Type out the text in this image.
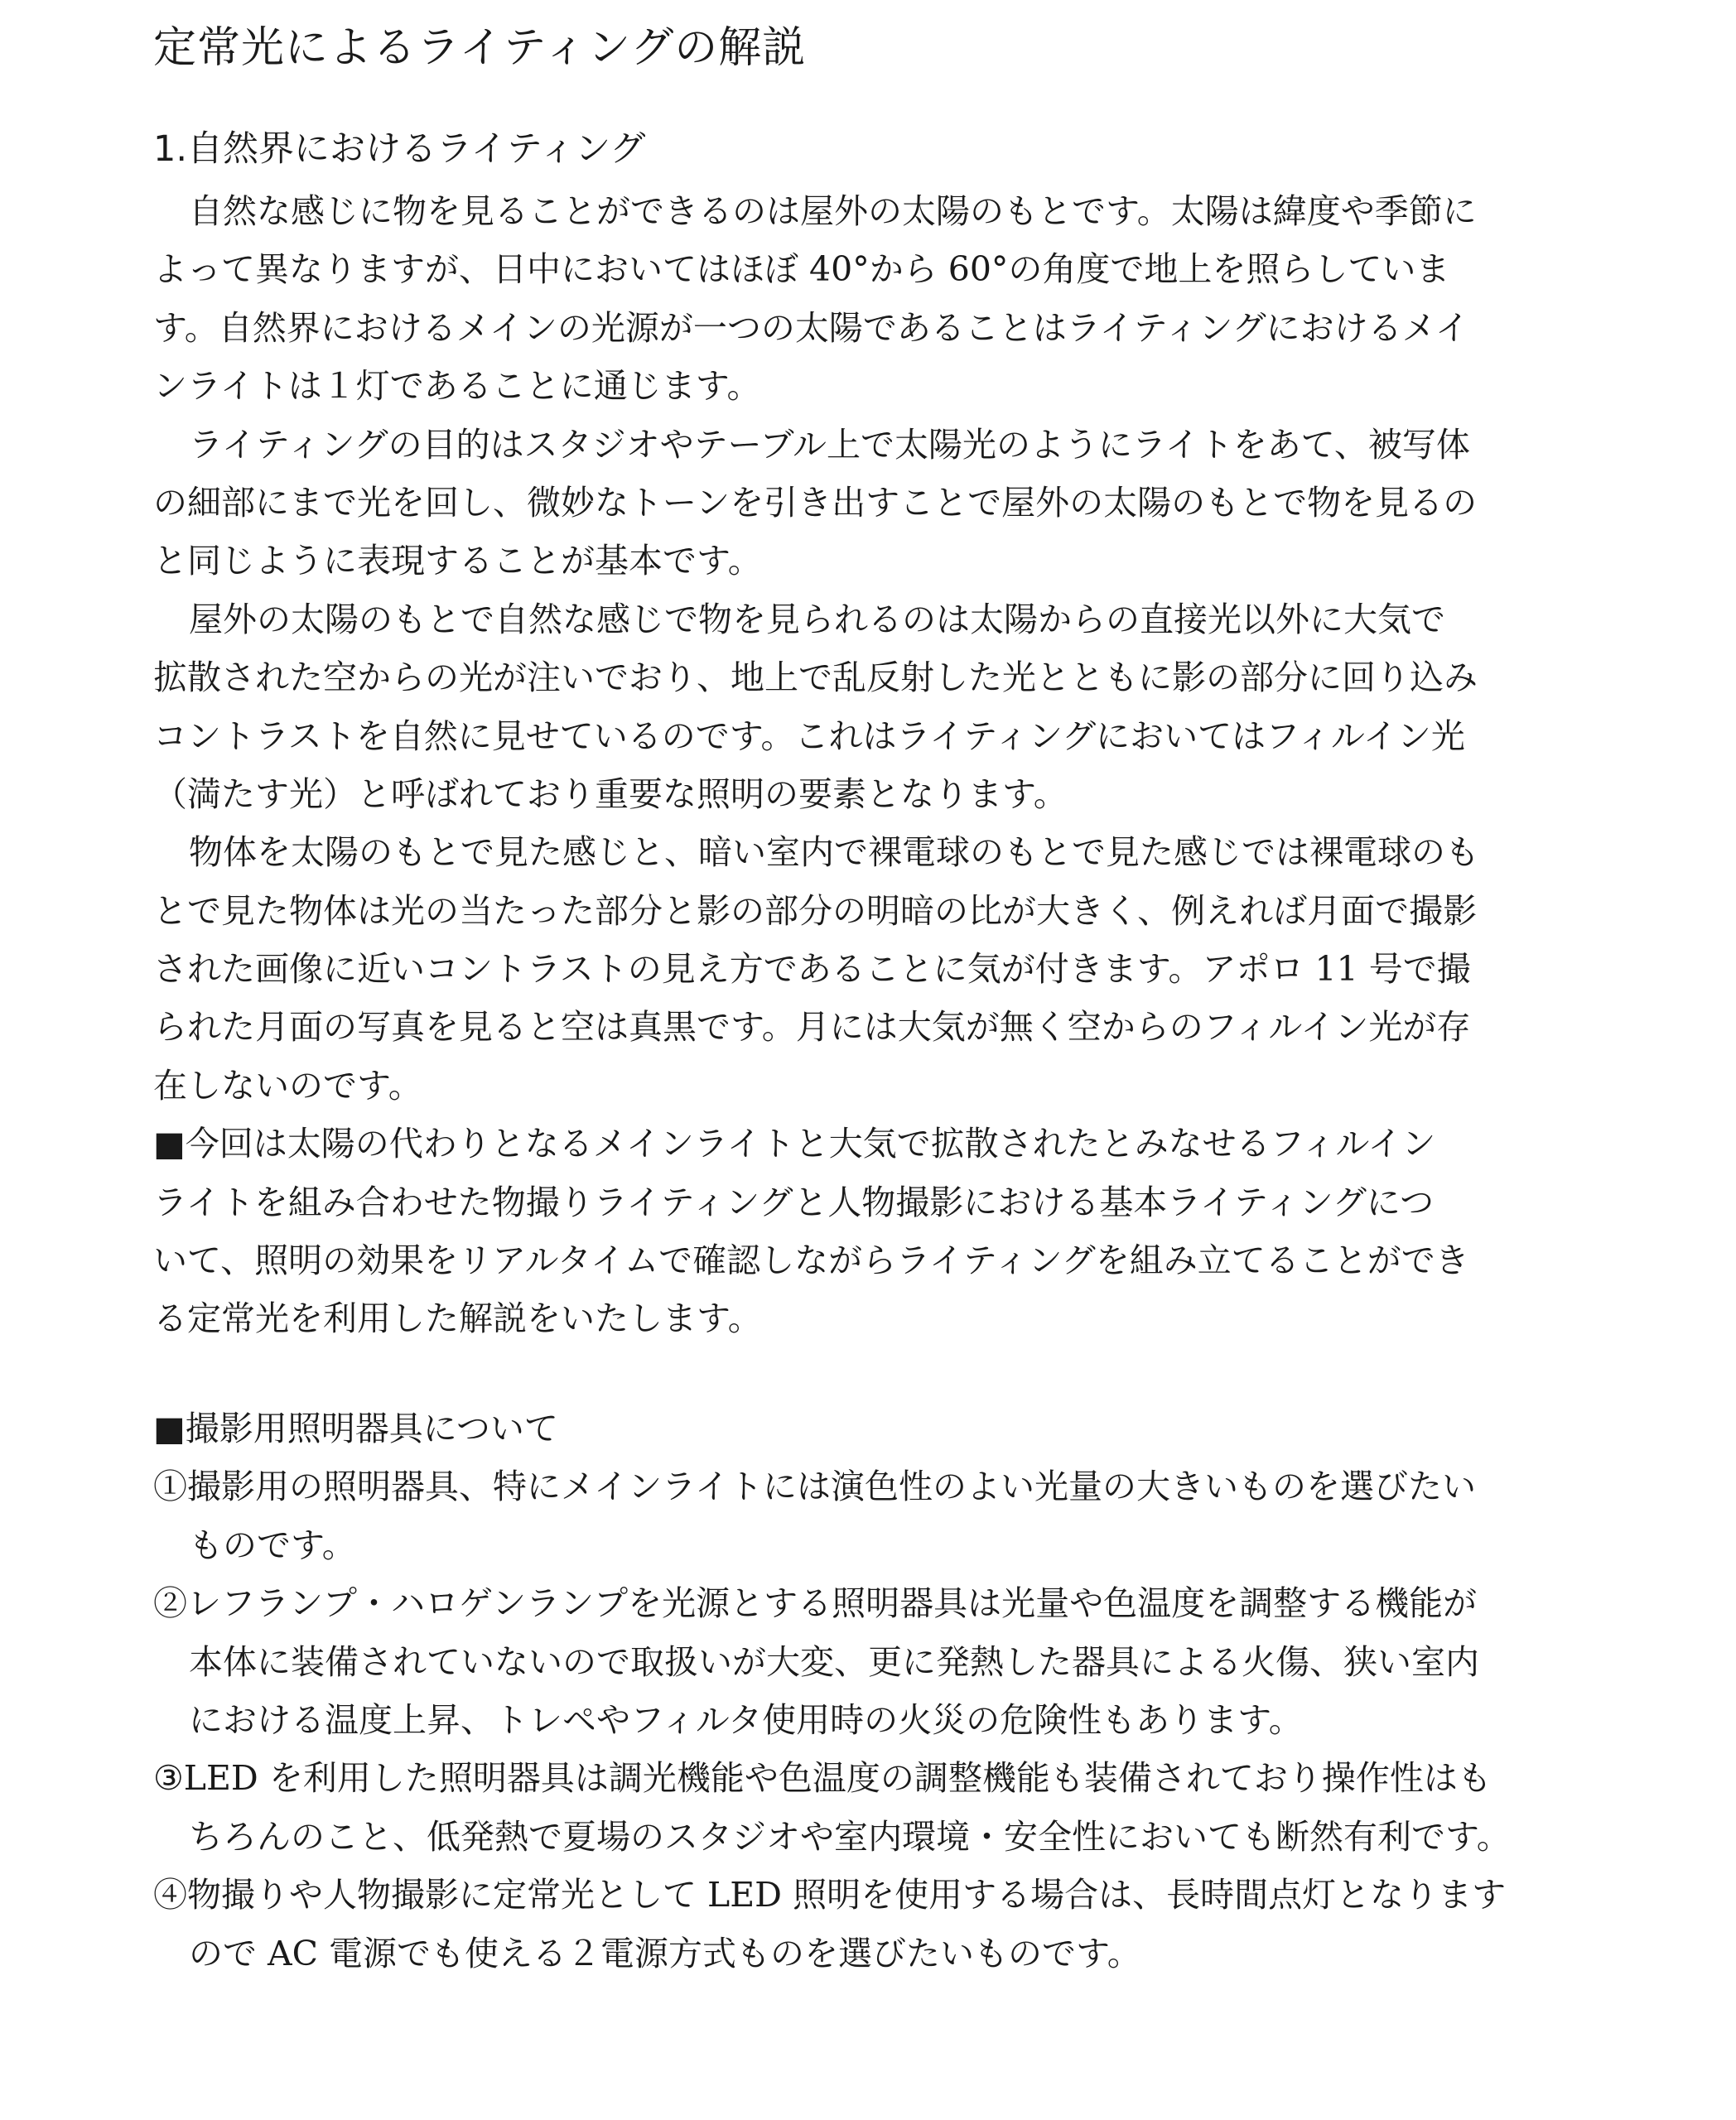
定常光によるライティングの解説
1.自然界におけるライティング
自然な感じに物を見ることができるのは屋外の太陽のもとです。太陽は緯度や季節に
よって異なりますが、日中においてはほぼ 40°から 60°の角度で地上を照らしていま
す。自然界におけるメインの光源が一つの太陽であることはライティングにおけるメイ
ンライトは１灯であることに通じます。
ライティングの目的はスタジオやテーブル上で太陽光のようにライトをあて、被写体
の細部にまで光を回し、微妙なトーンを引き出すことで屋外の太陽のもとで物を見るの
と同じように表現することが基本です。
屋外の太陽のもとで自然な感じで物を見られるのは太陽からの直接光以外に大気で
拡散された空からの光が注いでおり、地上で乱反射した光とともに影の部分に回り込み
コントラストを自然に見せているのです。これはライティングにおいてはフィルイン光
（満たす光）と呼ばれており重要な照明の要素となります。
物体を太陽のもとで見た感じと、暗い室内で裸電球のもとで見た感じでは裸電球のも
とで見た物体は光の当たった部分と影の部分の明暗の比が大きく、例えれば月面で撮影
された画像に近いコントラストの見え方であることに気が付きます。アポロ 11 号で撮
られた月面の写真を見ると空は真黒です。月には大気が無く空からのフィルイン光が存
在しないのです。
■今回は太陽の代わりとなるメインライトと大気で拡散されたとみなせるフィルイン
ライトを組み合わせた物撮りライティングと人物撮影における基本ライティングにつ
いて、照明の効果をリアルタイムで確認しながらライティングを組み立てることができ
る定常光を利用した解説をいたします。
■撮影用照明器具について
①撮影用の照明器具、特にメインライトには演色性のよい光量の大きいものを選びたい
ものです。
②レフランプ・ハロゲンランプを光源とする照明器具は光量や色温度を調整する機能が
本体に装備されていないので取扱いが大変、更に発熱した器具による火傷、狭い室内
における温度上昇、トレペやフィルタ使用時の火災の危険性もあります。
③LED を利用した照明器具は調光機能や色温度の調整機能も装備されており操作性はも
ちろんのこと、低発熱で夏場のスタジオや室内環境・安全性においても断然有利です。
④物撮りや人物撮影に定常光として LED 照明を使用する場合は、長時間点灯となります
ので AC 電源でも使える２電源方式ものを選びたいものです。
